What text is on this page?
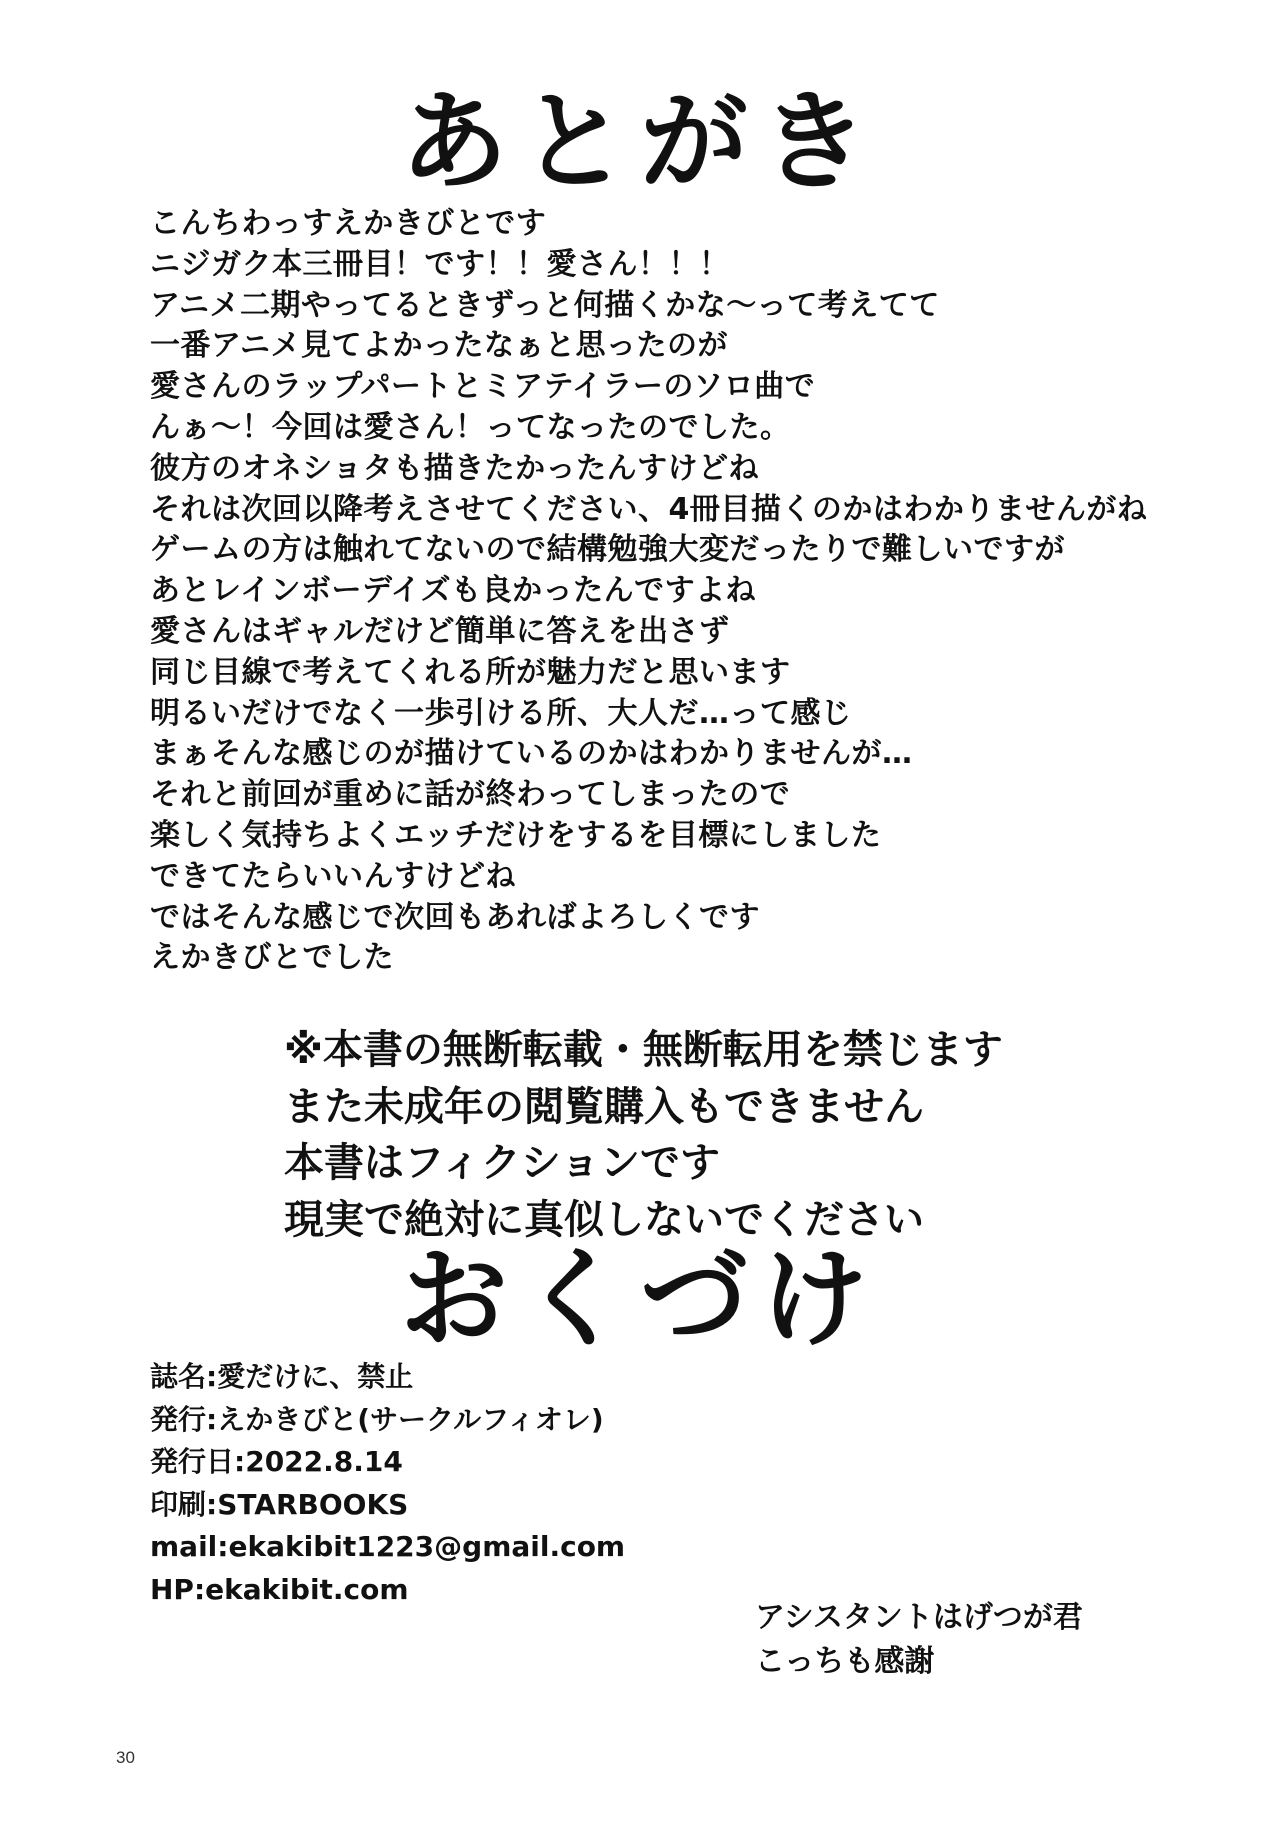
あとがき
こんちわっすえかきびとです
ニジガク本三冊目！です！！愛さん！！！
アニメ二期やってるときずっと何描くかな〜って考えてて
一番アニメ見てよかったなぁと思ったのが
愛さんのラップパートとミアテイラーのソロ曲で
んぁ〜！今回は愛さん！ってなったのでした。
彼方のオネショタも描きたかったんすけどね
それは次回以降考えさせてください、4冊目描くのかはわかりませんがね
ゲームの方は触れてないので結構勉強大変だったりで難しいですが
あとレインボーデイズも良かったんですよね
愛さんはギャルだけど簡単に答えを出さず
同じ目線で考えてくれる所が魅力だと思います
明るいだけでなく一歩引ける所、大人だ…って感じ
まぁそんな感じのが描けているのかはわかりませんが…
それと前回が重めに話が終わってしまったので
楽しく気持ちよくエッチだけをするを目標にしました
できてたらいいんすけどね
ではそんな感じで次回もあればよろしくです
えかきびとでした
※本書の無断転載・無断転用を禁じます
また未成年の閲覧購入もできません
本書はフィクションです
現実で絶対に真似しないでください
おくづけ
誌名 : 愛だけに、禁止
発行 : えかきびと(サークルフィオレ)
発行日 : 2022.8.14
印刷 : STARBOOKS
mail : ekakibit1223@gmail.com
HP : ekakibit.com
アシスタントはげつが君
こっちも感謝
30
